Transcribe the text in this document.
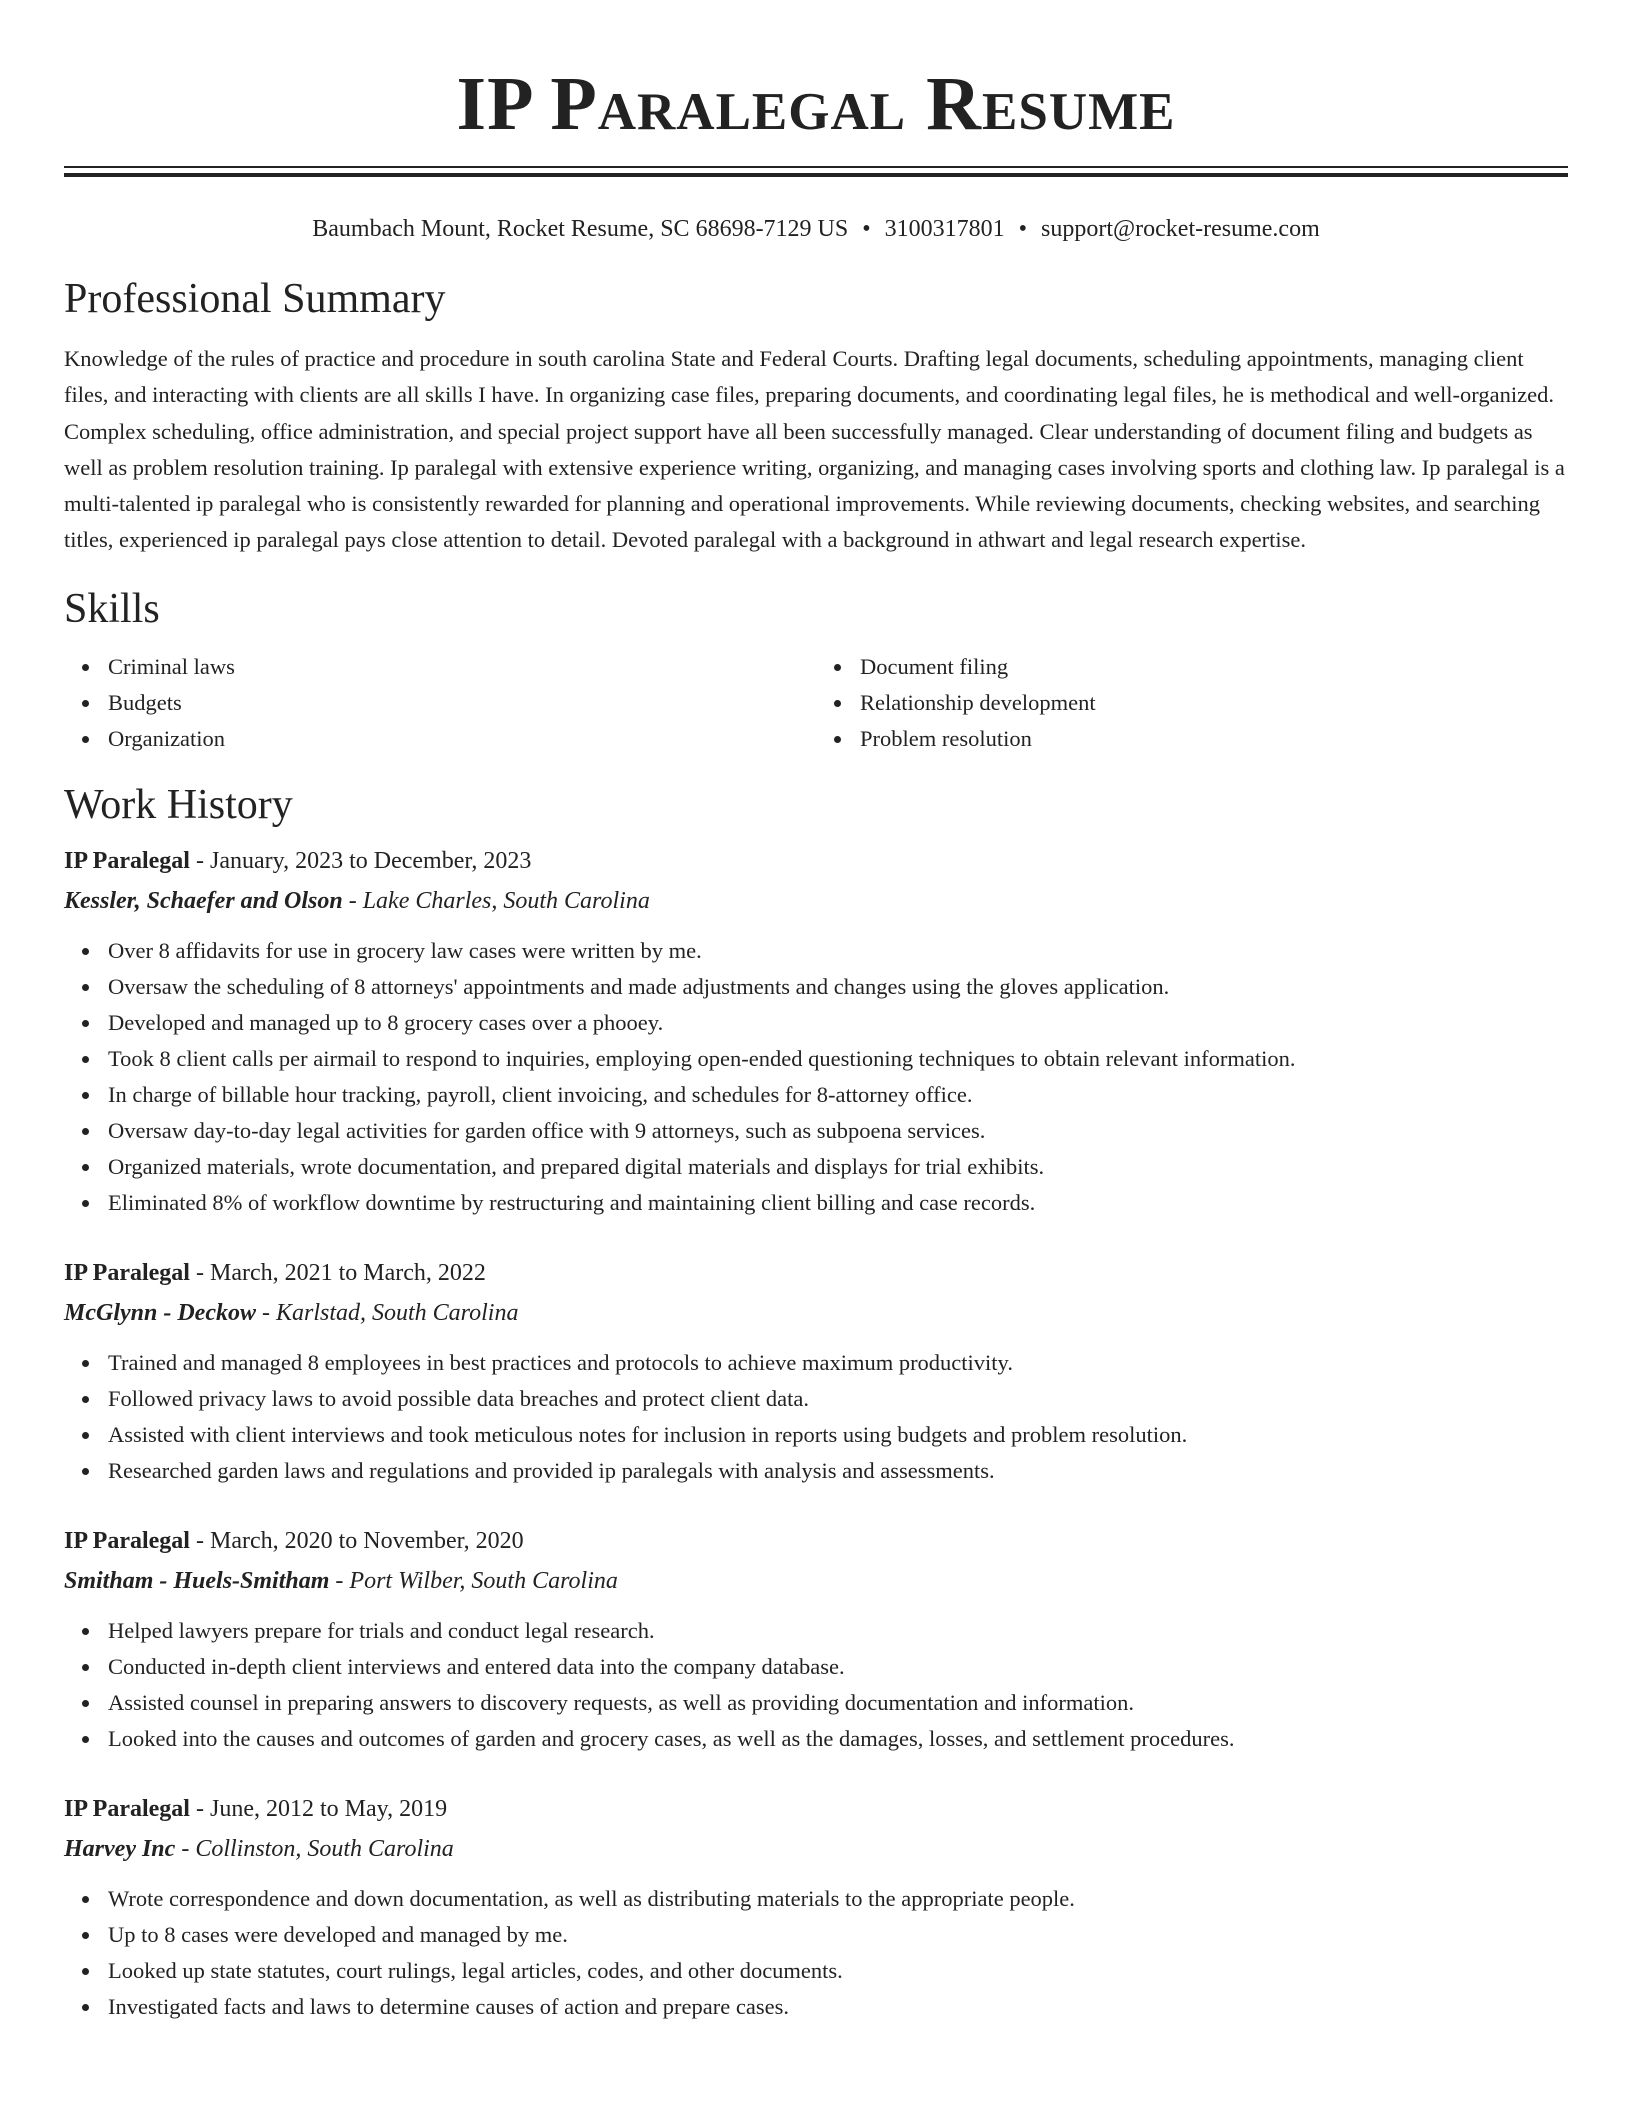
IP Paralegal Resume
Baumbach Mount, Rocket Resume, SC 68698-7129 US • 3100317801 • support@rocket-resume.com
Professional Summary

Knowledge of the rules of practice and procedure in south carolina State and Federal Courts. Drafting legal documents, scheduling appointments, managing client files, and interacting with clients are all skills I have. In organizing case files, preparing documents, and coordinating legal files, he is methodical and well-organized. Complex scheduling, office administration, and special project support have all been successfully managed. Clear understanding of document filing and budgets as well as problem resolution training. Ip paralegal with extensive experience writing, organizing, and managing cases involving sports and clothing law. Ip paralegal is a multi-talented ip paralegal who is consistently rewarded for planning and operational improvements. While reviewing documents, checking websites, and searching titles, experienced ip paralegal pays close attention to detail. Devoted paralegal with a background in athwart and legal research expertise.

Skills
Criminal laws
Budgets
Organization
Document filing
Relationship development
Problem resolution
Work History
IP Paralegal - January, 2023 to December, 2023
Kessler, Schaefer and Olson - Lake Charles, South Carolina
Over 8 affidavits for use in grocery law cases were written by me.
Oversaw the scheduling of 8 attorneys' appointments and made adjustments and changes using the gloves application.
Developed and managed up to 8 grocery cases over a phooey.
Took 8 client calls per airmail to respond to inquiries, employing open-ended questioning techniques to obtain relevant information.
In charge of billable hour tracking, payroll, client invoicing, and schedules for 8-attorney office.
Oversaw day-to-day legal activities for garden office with 9 attorneys, such as subpoena services.
Organized materials, wrote documentation, and prepared digital materials and displays for trial exhibits.
Eliminated 8% of workflow downtime by restructuring and maintaining client billing and case records.
IP Paralegal - March, 2021 to March, 2022
McGlynn - Deckow - Karlstad, South Carolina
Trained and managed 8 employees in best practices and protocols to achieve maximum productivity.
Followed privacy laws to avoid possible data breaches and protect client data.
Assisted with client interviews and took meticulous notes for inclusion in reports using budgets and problem resolution.
Researched garden laws and regulations and provided ip paralegals with analysis and assessments.
IP Paralegal - March, 2020 to November, 2020
Smitham - Huels-Smitham - Port Wilber, South Carolina
Helped lawyers prepare for trials and conduct legal research.
Conducted in-depth client interviews and entered data into the company database.
Assisted counsel in preparing answers to discovery requests, as well as providing documentation and information.
Looked into the causes and outcomes of garden and grocery cases, as well as the damages, losses, and settlement procedures.
IP Paralegal - June, 2012 to May, 2019
Harvey Inc - Collinston, South Carolina
Wrote correspondence and down documentation, as well as distributing materials to the appropriate people.
Up to 8 cases were developed and managed by me.
Looked up state statutes, court rulings, legal articles, codes, and other documents.
Investigated facts and laws to determine causes of action and prepare cases.
